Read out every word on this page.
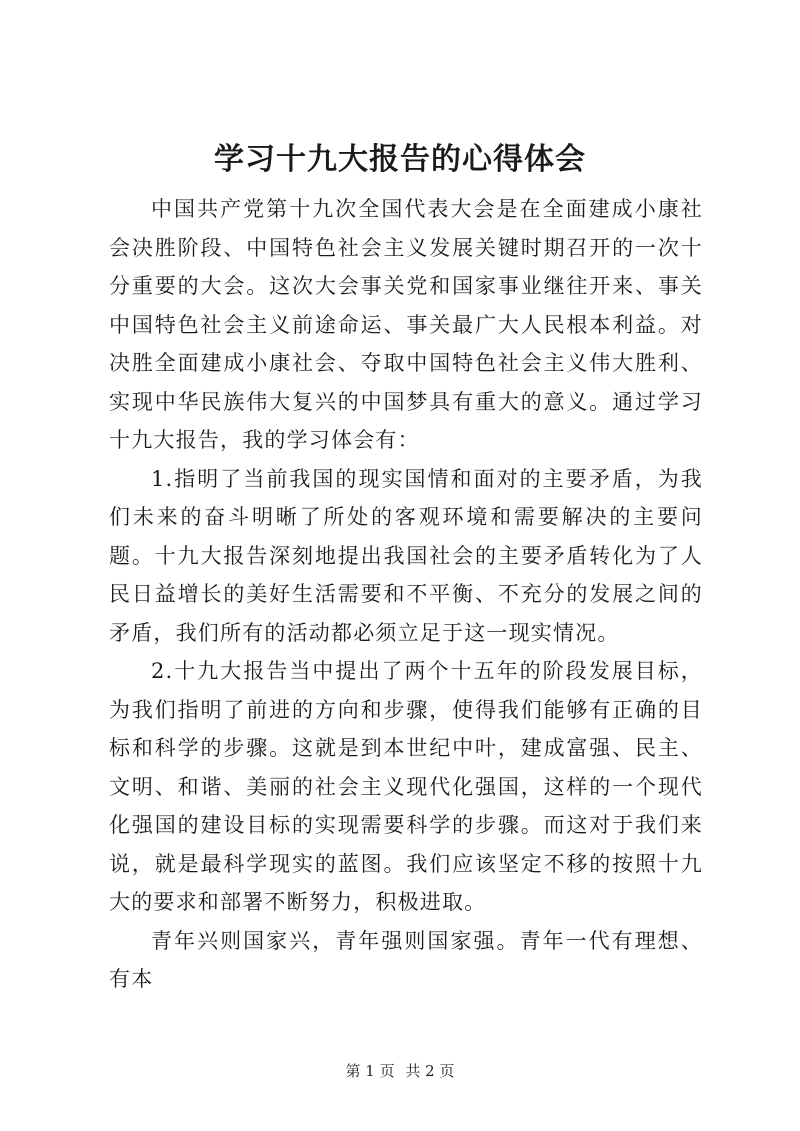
学习十九大报告的心得体会

中国共产党第十九次全国代表大会是在全面建成小康社会决胜阶段、中国特色社会主义发展关键时期召开的一次十分重要的大会。这次大会事关党和国家事业继往开来、事关中国特色社会主义前途命运、事关最广大人民根本利益。对决胜全面建成小康社会、夺取中国特色社会主义伟大胜利、实现中华民族伟大复兴的中国梦具有重大的意义。通过学习十九大报告，我的学习体会有：

1.指明了当前我国的现实国情和面对的主要矛盾，为我们未来的奋斗明晰了所处的客观环境和需要解决的主要问题。十九大报告深刻地提出我国社会的主要矛盾转化为了人民日益增长的美好生活需要和不平衡、不充分的发展之间的矛盾，我们所有的活动都必须立足于这一现实情况。

2.十九大报告当中提出了两个十五年的阶段发展目标，为我们指明了前进的方向和步骤，使得我们能够有正确的目标和科学的步骤。这就是到本世纪中叶，建成富强、民主、文明、和谐、美丽的社会主义现代化强国，这样的一个现代化强国的建设目标的实现需要科学的步骤。而这对于我们来说，就是最科学现实的蓝图。我们应该坚定不移的按照十九大的要求和部署不断努力，积极进取。

青年兴则国家兴，青年强则国家强。青年一代有理想、有本

第 1 页 共 2 页
